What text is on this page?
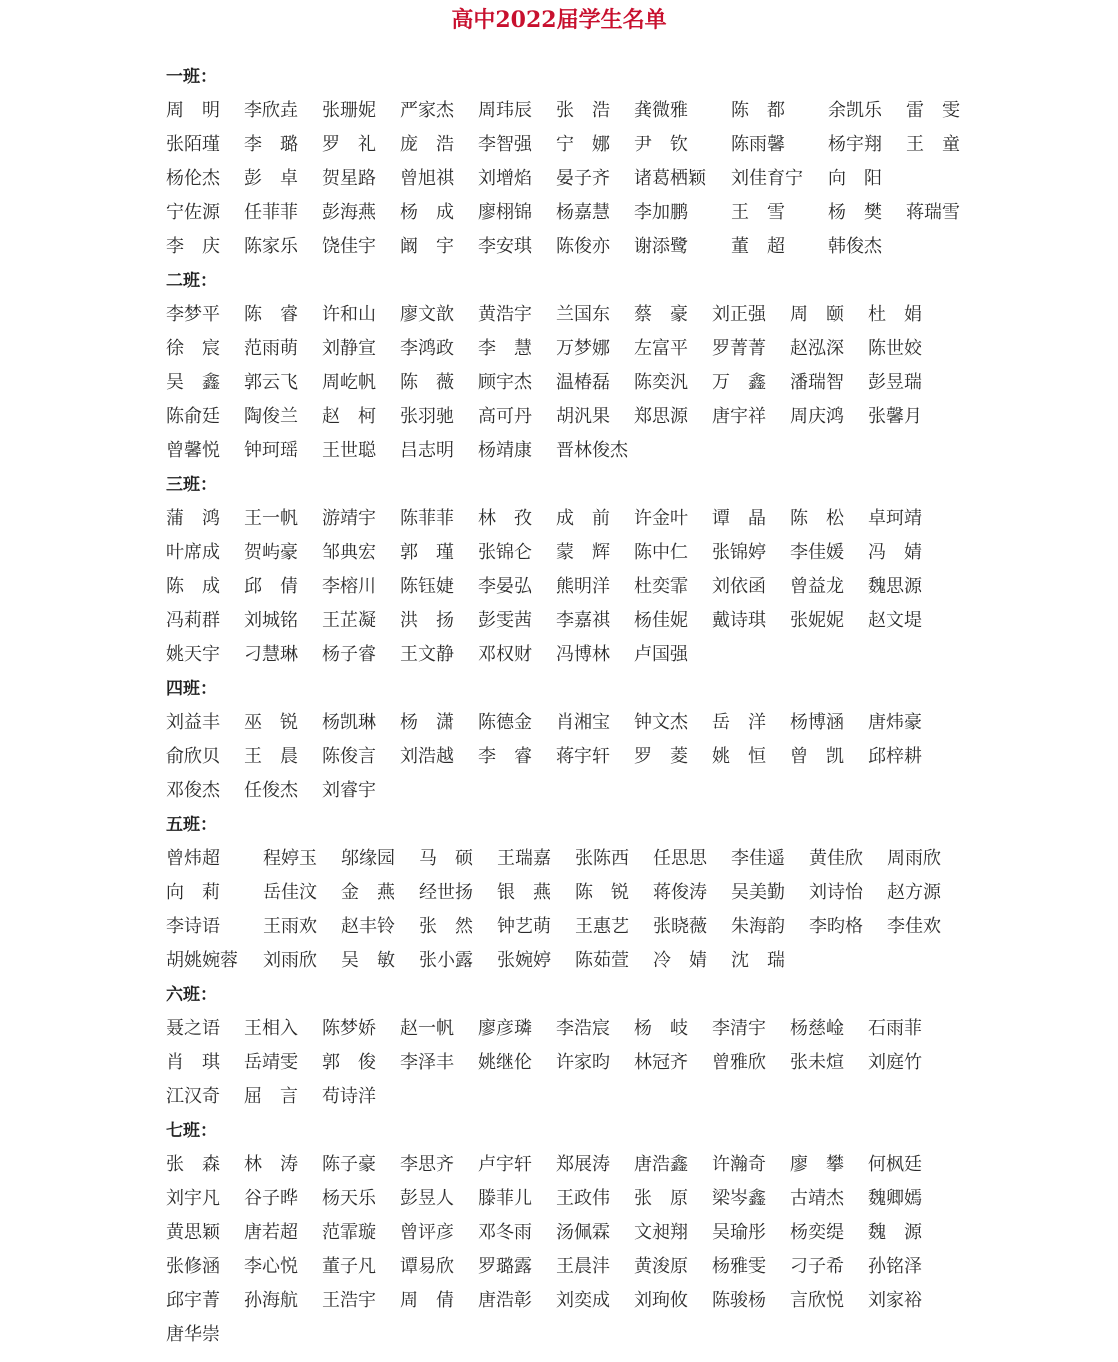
高中2022届学生名单
一班：
周　明 李欣垚 张珊妮 严家杰 周玮辰 张　浩 龚微雅 陈　都 余凯乐 雷　雯
张陌瑾 李　璐 罗　礼 庞　浩 李智强 宁　娜 尹　钦 陈雨馨 杨宇翔 王　童
杨伦杰 彭　卓 贺星路 曾旭祺 刘增焰 晏子齐 诸葛栖颖 刘佳育宁 向　阳
宁佐源 任菲菲 彭海燕 杨　成 廖栩锦 杨嘉慧 李加鹏 王　雪 杨　樊 蒋瑞雪
李　庆 陈家乐 饶佳宇 阚　宇 李安琪 陈俊亦 谢添鹭 董　超 韩俊杰
二班：
李梦平 陈　睿 许和山 廖文歆 黄浩宇 兰国东 蔡　豪 刘正强 周　颐 杜　娟
徐　宸 范雨萌 刘静宣 李鸿政 李　慧 万梦娜 左富平 罗菁菁 赵泓深 陈世姣
吴　鑫 郭云飞 周屹帆 陈　薇 顾宇杰 温椿磊 陈奕汎 万　鑫 潘瑞智 彭昱瑞
陈俞廷 陶俊兰 赵　柯 张羽驰 高可丹 胡汎果 郑思源 唐宇祥 周庆鸿 张馨月
曾馨悦 钟珂瑶 王世聪 吕志明 杨靖康 晋林俊杰
三班：
蒲　鸿 王一帆 游靖宇 陈菲菲 林　孜 成　前 许金叶 谭　晶 陈　松 卓珂靖
叶席成 贺屿豪 邹典宏 郭　瑾 张锦仑 蒙　辉 陈中仁 张锦婷 李佳媛 冯　婧
陈　成 邱　倩 李榕川 陈钰婕 李晏弘 熊明洋 杜奕霏 刘依函 曾益龙 魏思源
冯莉群 刘城铭 王芷凝 洪　扬 彭雯茜 李嘉祺 杨佳妮 戴诗琪 张妮妮 赵文堤
姚天宇 刁慧琳 杨子睿 王文静 邓权财 冯博林 卢国强
四班：
刘益丰 巫　锐 杨凯琳 杨　潇 陈德金 肖湘宝 钟文杰 岳　洋 杨博涵 唐炜豪
俞欣贝 王　晨 陈俊言 刘浩越 李　睿 蒋宇轩 罗　菱 姚　恒 曾　凯 邱梓耕
邓俊杰 任俊杰 刘睿宇
五班：
曾炜超 程婷玉 邬缘园 马　硕 王瑞嘉 张陈西 任思思 李佳遥 黄佳欣 周雨欣
向　莉 岳佳汶 金　燕 经世扬 银　燕 陈　锐 蒋俊涛 吴美勤 刘诗怡 赵方源
李诗语 王雨欢 赵丰铃 张　然 钟艺萌 王惠艺 张晓薇 朱海韵 李昀格 李佳欢
胡姚婉蓉 刘雨欣 吴　敏 张小露 张婉婷 陈茹萱 冷　婧 沈　瑞
六班：
聂之语 王相入 陈梦娇 赵一帆 廖彦璘 李浩宸 杨　岐 李清宇 杨慈崯 石雨菲
肖　琪 岳靖雯 郭　俊 李泽丰 姚继伦 许家昀 林冠齐 曾雅欣 张未煊 刘庭竹
江汉奇 屈　言 苟诗洋
七班：
张　森 林　涛 陈子豪 李思齐 卢宇轩 郑展涛 唐浩鑫 许瀚奇 廖　攀 何枫廷
刘宇凡 谷子晔 杨天乐 彭昱人 滕菲儿 王政伟 张　原 梁岑鑫 古靖杰 魏卿嫣
黄思颖 唐若超 范霏璇 曾评彦 邓冬雨 汤佩霖 文昶翔 吴瑜彤 杨奕缇 魏　源
张修涵 李心悦 董子凡 谭易欣 罗璐露 王晨沣 黄浚原 杨雅雯 刁子希 孙铭泽
邱宇菁 孙海航 王浩宇 周　倩 唐浩彰 刘奕成 刘珣攸 陈骏杨 言欣悦 刘家裕
唐华崇
